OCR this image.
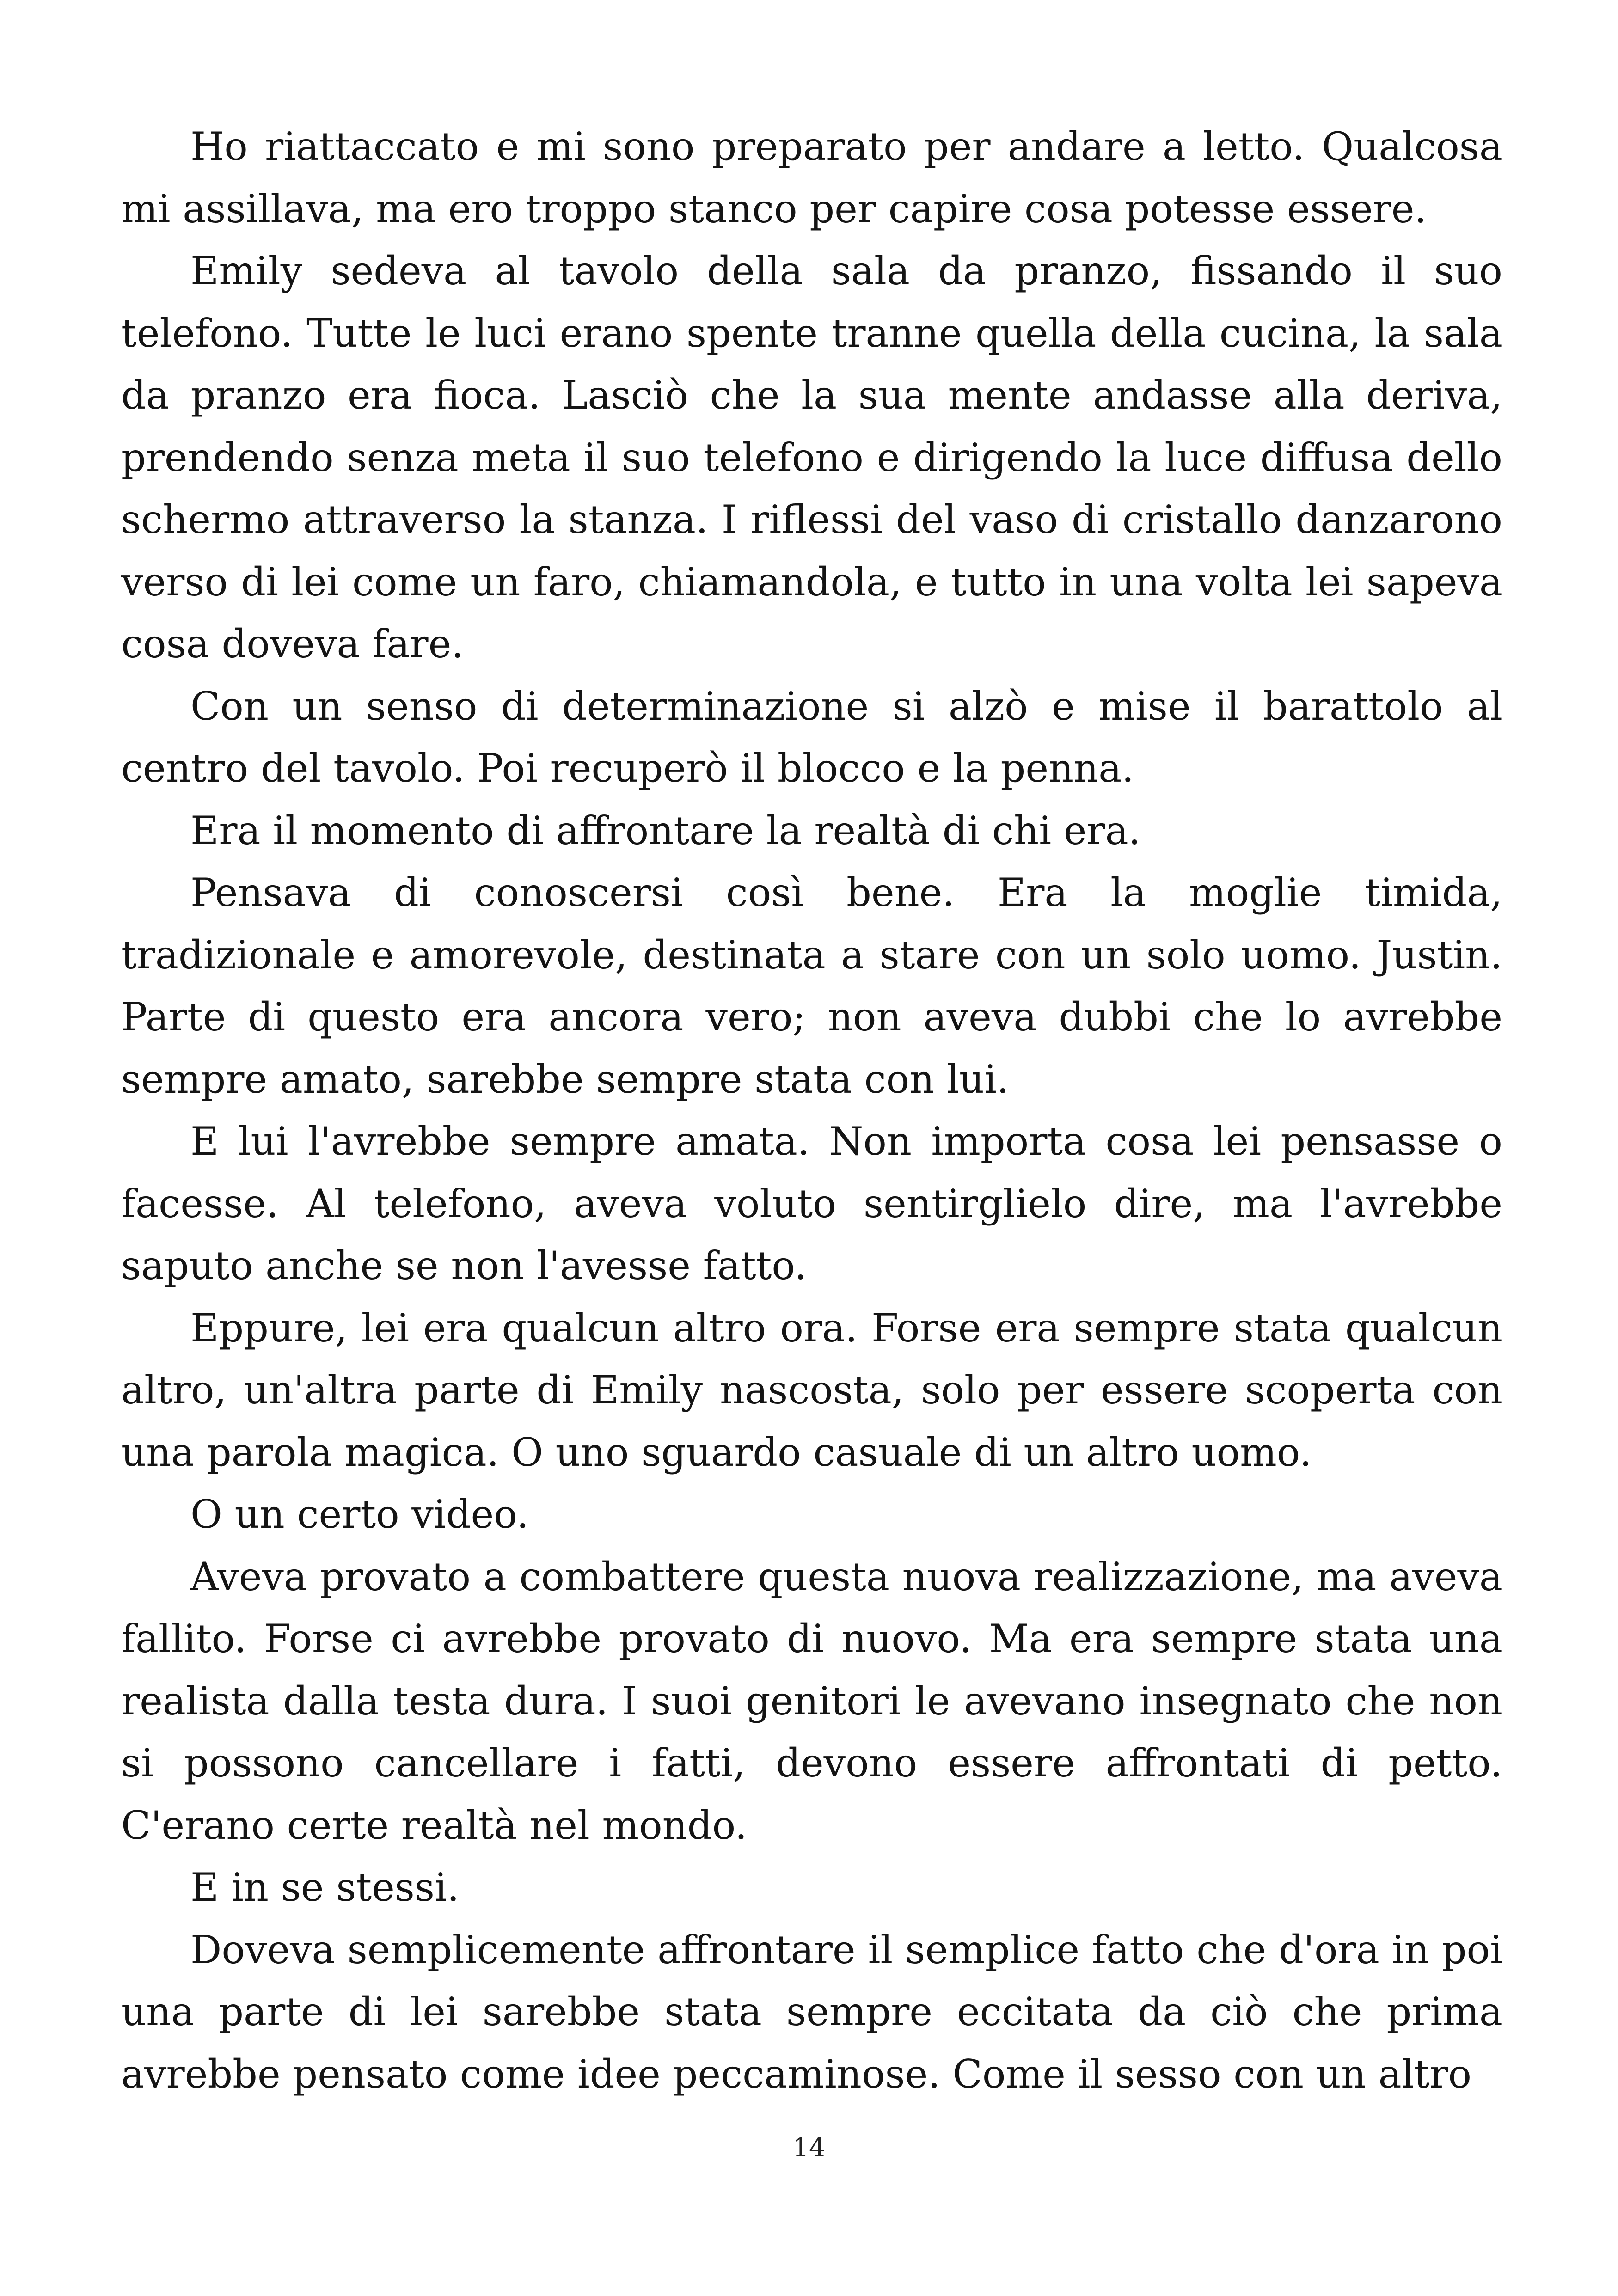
Ho riattaccato e mi sono preparato per andare a letto. Qualcosa mi assillava, ma ero troppo stanco per capire cosa potesse essere.

Emily sedeva al tavolo della sala da pranzo, fissando il suo telefono. Tutte le luci erano spente tranne quella della cucina, la sala da pranzo era fioca. Lasciò che la sua mente andasse alla deriva, prendendo senza meta il suo telefono e dirigendo la luce diffusa dello schermo attraverso la stanza. I riflessi del vaso di cristallo danzarono verso di lei come un faro, chiamandola, e tutto in una volta lei sapeva cosa doveva fare.

Con un senso di determinazione si alzò e mise il barattolo al centro del tavolo. Poi recuperò il blocco e la penna.

Era il momento di affrontare la realtà di chi era.

Pensava di conoscersi così bene. Era la moglie timida, tradizionale e amorevole, destinata a stare con un solo uomo. Justin. Parte di questo era ancora vero; non aveva dubbi che lo avrebbe sempre amato, sarebbe sempre stata con lui.

E lui l'avrebbe sempre amata. Non importa cosa lei pensasse o facesse. Al telefono, aveva voluto sentirglielo dire, ma l'avrebbe saputo anche se non l'avesse fatto.

Eppure, lei era qualcun altro ora. Forse era sempre stata qualcun altro, un'altra parte di Emily nascosta, solo per essere scoperta con una parola magica. O uno sguardo casuale di un altro uomo.

O un certo video.

Aveva provato a combattere questa nuova realizzazione, ma aveva fallito. Forse ci avrebbe provato di nuovo. Ma era sempre stata una realista dalla testa dura. I suoi genitori le avevano insegnato che non si possono cancellare i fatti, devono essere affrontati di petto. C'erano certe realtà nel mondo.

E in se stessi.

Doveva semplicemente affrontare il semplice fatto che d'ora in poi una parte di lei sarebbe stata sempre eccitata da ciò che prima avrebbe pensato come idee peccaminose. Come il sesso con un altro

14
